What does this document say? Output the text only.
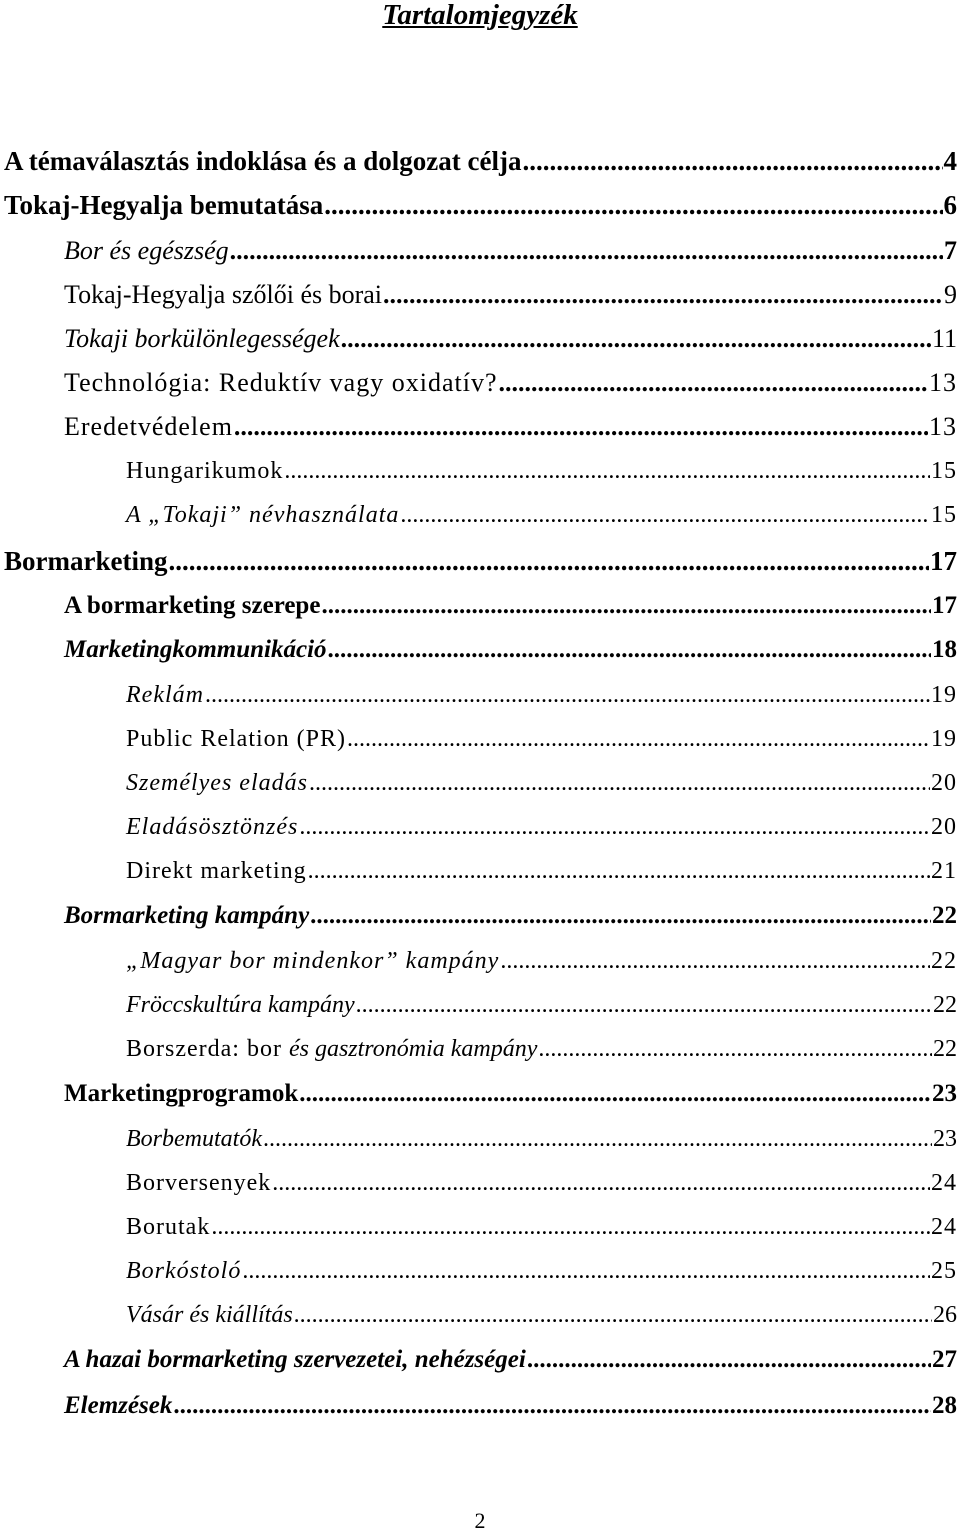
Tartalomjegyzék
A témaválasztás indoklása és a dolgozat célja .....	4
Tokaj-Hegyalja bemutatása .....	6
Bor és egészség .....	7
Tokaj-Hegyalja szőlői és borai .....	9
Tokaji borkülönlegességek .....	11
Technológia: Reduktív vagy oxidatív? .....	13
Eredetvédelem .....	13
Hungarikumok .....	15
A „Tokaji” névhasználata .....	15
Bormarketing .....	17
A bormarketing szerepe .....	17
Marketingkommunikáció .....	18
Reklám .....	19
Public Relation (PR) .....	19
Személyes eladás .....	20
Eladásösztönzés .....	20
Direkt marketing .....	21
Bormarketing kampány .....	22
„Magyar bor mindenkor” kampány .....	22
Fröccskultúra kampány .....	22
Borszerda: bor és gasztronómia kampány .....	22
Marketingprogramok .....	23
Borbemutatók .....	23
Borversenyek .....	24
Borutak .....	24
Borkóstoló .....	25
Vásár és kiállítás .....	26
A hazai bormarketing szervezetei, nehézségei .....	27
Elemzések .....	28
2
